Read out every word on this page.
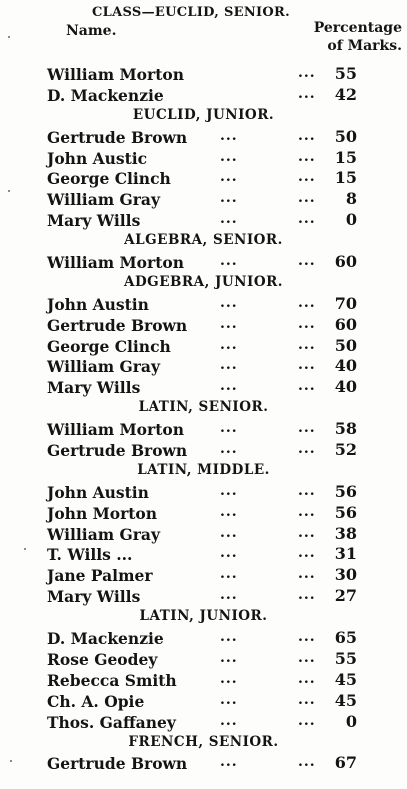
CLASS—EUCLID, SENIOR.
Name.	Percentage
of Marks.
William Morton	... 55
D. Mackenzie	... 42
EUCLID, JUNIOR.
Gertrude Brown ...	... 50
John Austic	...	... 15
George Clinch	...	... 15
William Gray	...	... 8
Mary Wills	...	... 0
ALGEBRA, SENIOR.
William Morton	...	... 60
ADGEBRA, JUNIOR.
John Austin	...	... 70
Gertrude Brown ...	... 60
George Clinch	...	... 50
William Gray	...	... 40
Mary Wills	...	... 40
LATIN, SENIOR.
William Morton	...	... 58
Gertrude Brown ...	... 52
LATIN, MIDDLE.
John Austin	...	... 56
John Morton	...	... 56
William Gray	...	... 38
T. Wills ...	...	... 31
Jane Palmer	...	... 30
Mary Wills	...	... 27
LATIN, JUNIOR.
D. Mackenzie	...	... 65
Rose Geodey	...	... 55
Rebecca Smith	...	... 45
Ch. A. Opie	...	... 45
Thos. Gaffaney	...	... 0
FRENCH, SENIOR.
Gertrude Brown ...	... 67
